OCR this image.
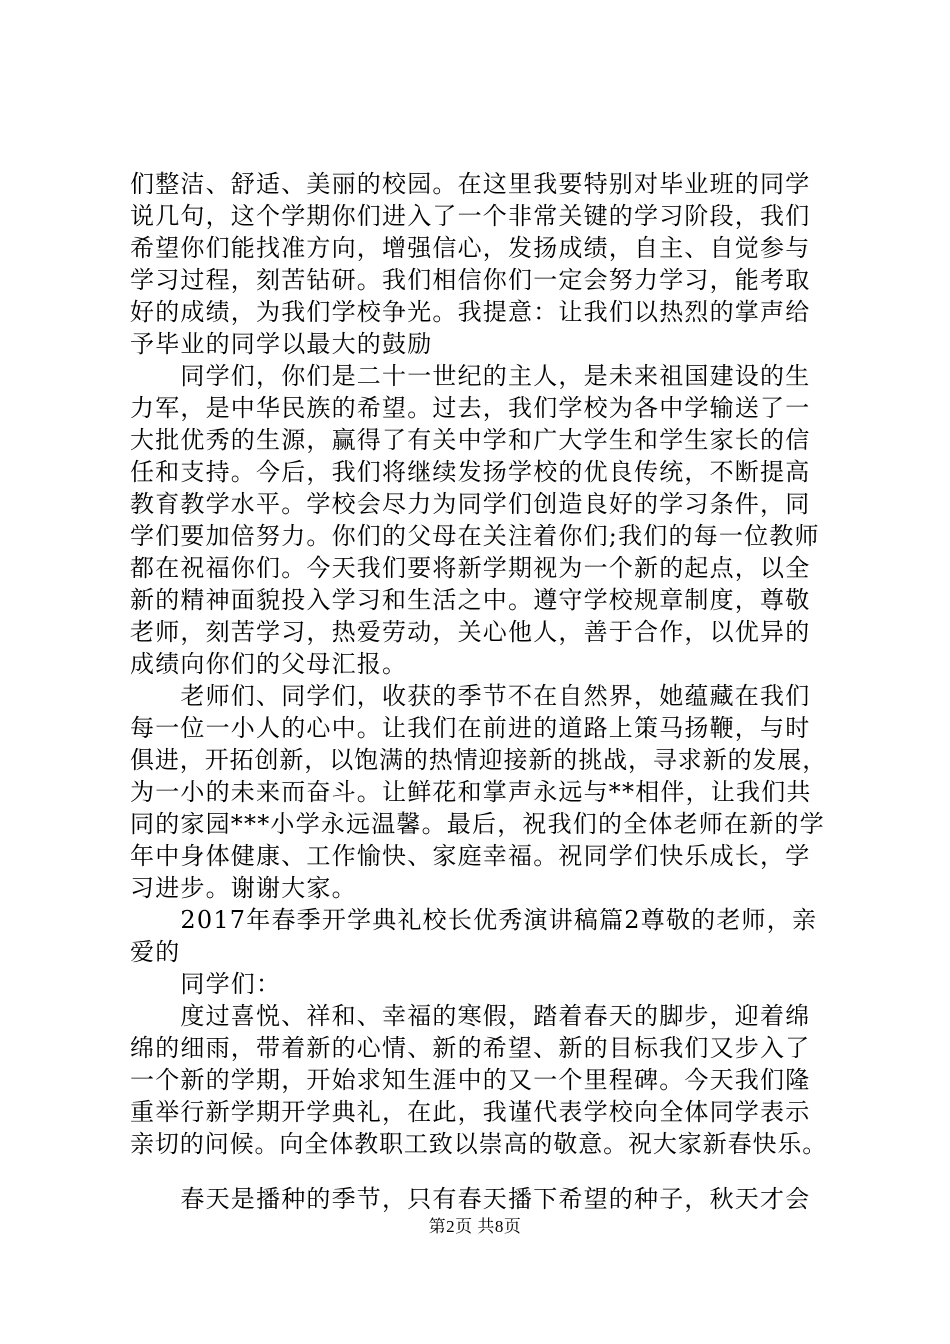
们整洁、舒适、美丽的校园。在这里我要特别对毕业班的同学
说几句，这个学期你们进入了一个非常关键的学习阶段，我们
希望你们能找准方向，增强信心，发扬成绩，自主、自觉参与
学习过程，刻苦钻研。我们相信你们一定会努力学习，能考取
好的成绩，为我们学校争光。我提意：让我们以热烈的掌声给
予毕业的同学以最大的鼓励
　　同学们，你们是二十一世纪的主人，是未来祖国建设的生
力军，是中华民族的希望。过去，我们学校为各中学输送了一
大批优秀的生源，赢得了有关中学和广大学生和学生家长的信
任和支持。今后，我们将继续发扬学校的优良传统，不断提高
教育教学水平。学校会尽力为同学们创造良好的学习条件，同
学们要加倍努力。你们的父母在关注着你们;我们的每一位教师
都在祝福你们。今天我们要将新学期视为一个新的起点，以全
新的精神面貌投入学习和生活之中。遵守学校规章制度，尊敬
老师，刻苦学习，热爱劳动，关心他人，善于合作，以优异的
成绩向你们的父母汇报。
　　老师们、同学们，收获的季节不在自然界，她蕴藏在我们
每一位一小人的心中。让我们在前进的道路上策马扬鞭，与时
俱进，开拓创新，以饱满的热情迎接新的挑战，寻求新的发展，
为一小的未来而奋斗。让鲜花和掌声永远与**相伴，让我们共
同的家园***小学永远温馨。最后，祝我们的全体老师在新的学
年中身体健康、工作愉快、家庭幸福。祝同学们快乐成长，学
习进步。谢谢大家。
　　2017年春季开学典礼校长优秀演讲稿篇2尊敬的老师，亲
爱的
　　同学们：
　　度过喜悦、祥和、幸福的寒假，踏着春天的脚步，迎着绵
绵的细雨，带着新的心情、新的希望、新的目标我们又步入了
一个新的学期，开始求知生涯中的又一个里程碑。今天我们隆
重举行新学期开学典礼，在此，我谨代表学校向全体同学表示
亲切的问候。向全体教职工致以崇高的敬意。祝大家新春快乐。
　　春天是播种的季节，只有春天播下希望的种子，秋天才会
第2页 共8页
